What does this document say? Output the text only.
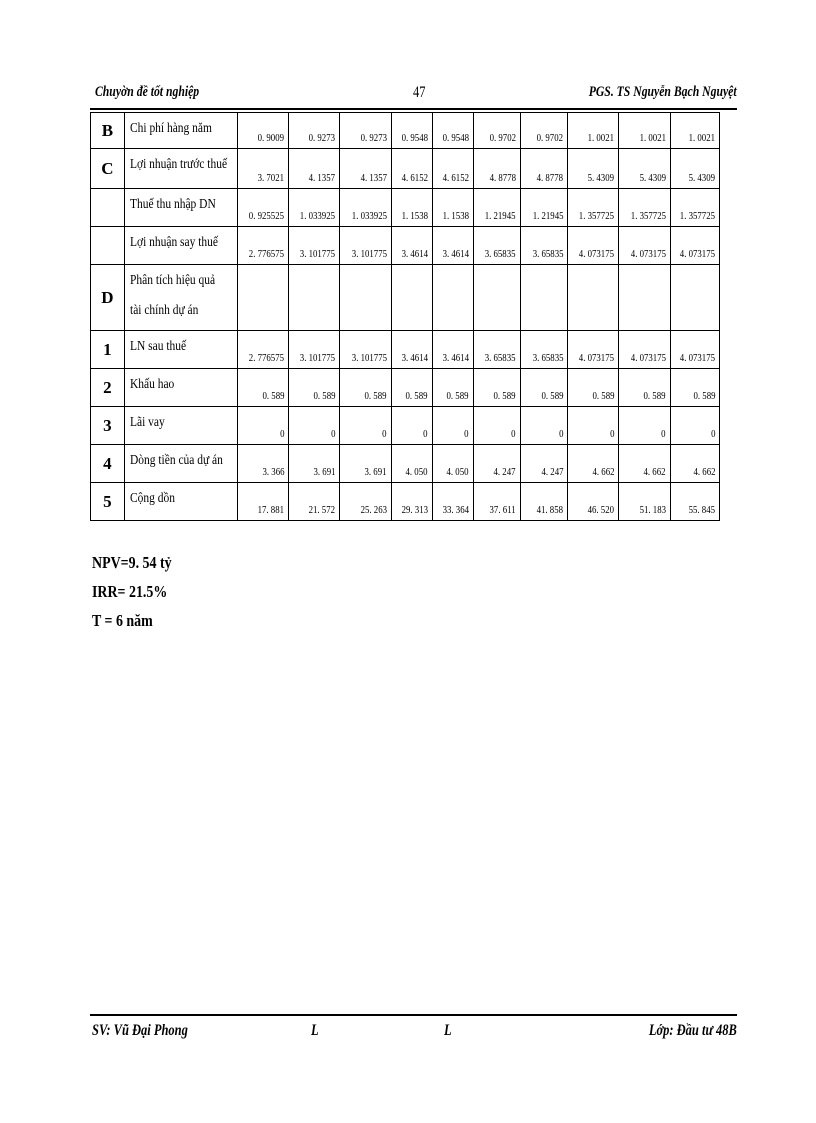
Chuyờn đề tốt nghiệp	47	PGS. TS Nguyễn Bạch Nguyệt
B	Chi phí hàng năm	0. 9009	0. 9273	0. 9273	0. 9548	0. 9548	0. 9702	0. 9702	1. 0021	1. 0021	1. 0021
C	Lợi nhuận trước thuế	3. 7021	4. 1357	4. 1357	4. 6152	4. 6152	4. 8778	4. 8778	5. 4309	5. 4309	5. 4309
	Thuế thu nhập DN	0. 925525	1. 033925	1. 033925	1. 1538	1. 1538	1. 21945	1. 21945	1. 357725	1. 357725	1. 357725
	Lợi nhuận say thuế	2. 776575	3. 101775	3. 101775	3. 4614	3. 4614	3. 65835	3. 65835	4. 073175	4. 073175	4. 073175
D	Phân tích hiệu quả
tài chính dự án										
1	LN sau thuế	2. 776575	3. 101775	3. 101775	3. 4614	3. 4614	3. 65835	3. 65835	4. 073175	4. 073175	4. 073175
2	Khấu hao	0. 589	0. 589	0. 589	0. 589	0. 589	0. 589	0. 589	0. 589	0. 589	0. 589
3	Lãi vay	0	0	0	0	0	0	0	0	0	0
4	Dòng tiền của dự án	3. 366	3. 691	3. 691	4. 050	4. 050	4. 247	4. 247	4. 662	4. 662	4. 662
5	Cộng dồn	17. 881	21. 572	25. 263	29. 313	33. 364	37. 611	41. 858	46. 520	51. 183	55. 845
NPV=9. 54 tỷ
IRR= 21.5%
T = 6 năm
SV: Vũ Đại Phong	L	L	Lớp: Đầu tư 48B
